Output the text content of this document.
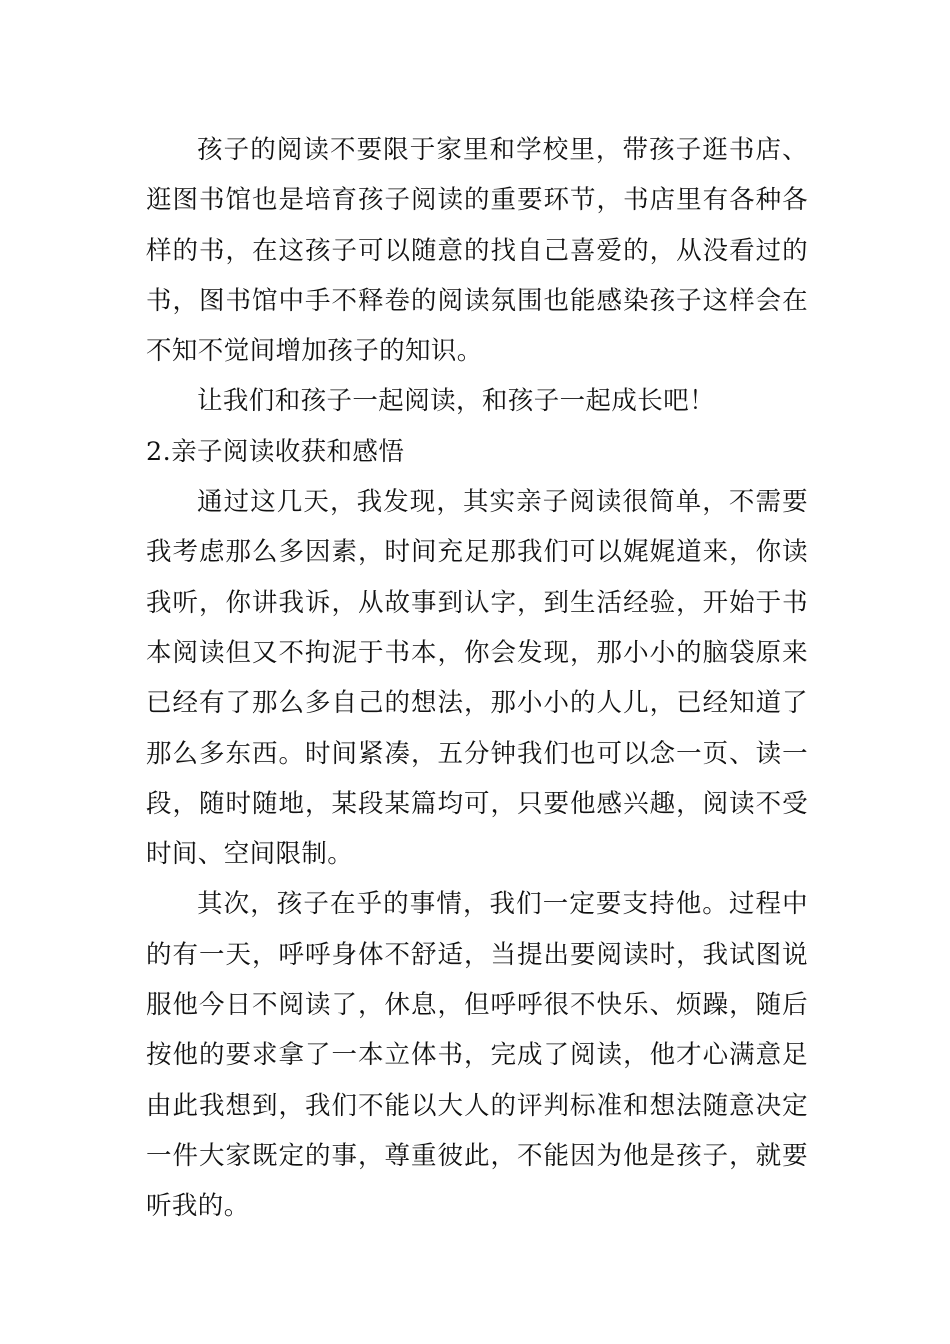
孩子的阅读不要限于家里和学校里，带孩子逛书店、逛图书馆也是培育孩子阅读的重要环节，书店里有各种各样的书，在这孩子可以随意的找自己喜爱的，从没看过的书，图书馆中手不释卷的阅读氛围也能感染孩子这样会在不知不觉间增加孩子的知识。

让我们和孩子一起阅读，和孩子一起成长吧！

2.亲子阅读收获和感悟

通过这几天，我发现，其实亲子阅读很简单，不需要我考虑那么多因素，时间充足那我们可以娓娓道来，你读我听，你讲我诉，从故事到认字，到生活经验，开始于书本阅读但又不拘泥于书本，你会发现，那小小的脑袋原来已经有了那么多自己的想法，那小小的人儿，已经知道了那么多东西。时间紧凑，五分钟我们也可以念一页、读一段，随时随地，某段某篇均可，只要他感兴趣，阅读不受时间、空间限制。

其次，孩子在乎的事情，我们一定要支持他。过程中的有一天，呼呼身体不舒适，当提出要阅读时，我试图说服他今日不阅读了，休息，但呼呼很不快乐、烦躁，随后按他的要求拿了一本立体书，完成了阅读，他才心满意足由此我想到，我们不能以大人的评判标准和想法随意决定一件大家既定的事，尊重彼此，不能因为他是孩子，就要听我的。
